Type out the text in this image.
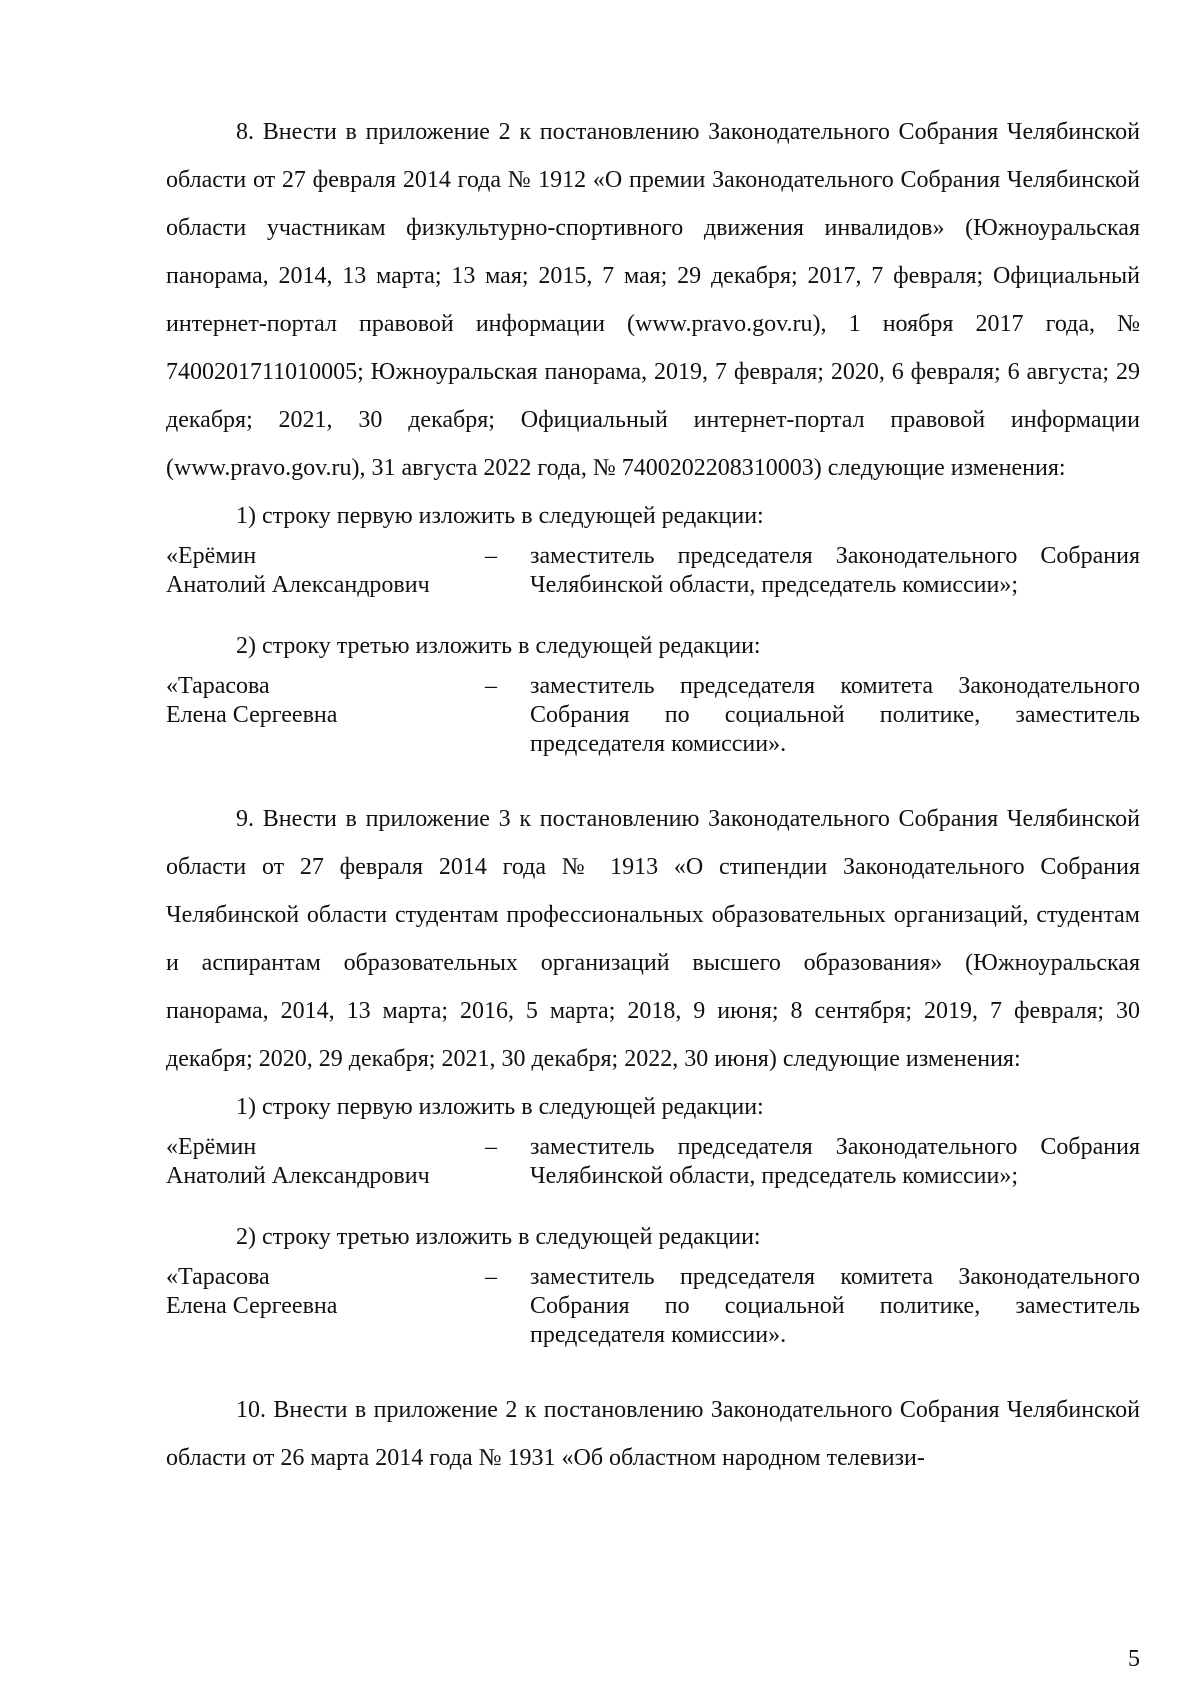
8. Внести в приложение 2 к постановлению Законодательного Собрания Челябинской области от 27 февраля 2014 года № 1912 «О премии Законодательного Собрания Челябинской области участникам физкультурно-спортивного движения инвалидов» (Южноуральская панорама, 2014, 13 марта; 13 мая; 2015, 7 мая; 29 декабря; 2017, 7 февраля; Официальный интернет-портал правовой информации (www.pravo.gov.ru), 1 ноября 2017 года, № 7400201711010005; Южноуральская панорама, 2019, 7 февраля; 2020, 6 февраля; 6 августа; 29 декабря; 2021, 30 декабря; Официальный интернет-портал правовой информации (www.pravo.gov.ru), 31 августа 2022 года, № 7400202208310003) следующие изменения:

1) строку первую изложить в следующей редакции:

«Ерёмин
Анатолий Александрович
–	заместитель председателя Законодательного Собрания Челябинской области, председатель комиссии»;

2) строку третью изложить в следующей редакции:

«Тарасова
Елена Сергеевна
–	заместитель председателя комитета Законодательного Собрания по социальной политике, заместитель председателя комиссии».

9. Внести в приложение 3 к постановлению Законодательного Собрания Челябинской области от 27 февраля 2014 года № 1913 «О стипендии Законодательного Собрания Челябинской области студентам профессиональных образовательных организаций, студентам и аспирантам образовательных организаций высшего образования» (Южноуральская панорама, 2014, 13 марта; 2016, 5 марта; 2018, 9 июня; 8 сентября; 2019, 7 февраля; 30 декабря; 2020, 29 декабря; 2021, 30 декабря; 2022, 30 июня) следующие изменения:

1) строку первую изложить в следующей редакции:

«Ерёмин
Анатолий Александрович
–	заместитель председателя Законодательного Собрания Челябинской области, председатель комиссии»;

2) строку третью изложить в следующей редакции:

«Тарасова
Елена Сергеевна
–	заместитель председателя комитета Законодательного Собрания по социальной политике, заместитель председателя комиссии».

10. Внести в приложение 2 к постановлению Законодательного Собрания Челябинской области от 26 марта 2014 года № 1931 «Об областном народном телевизи-

5
